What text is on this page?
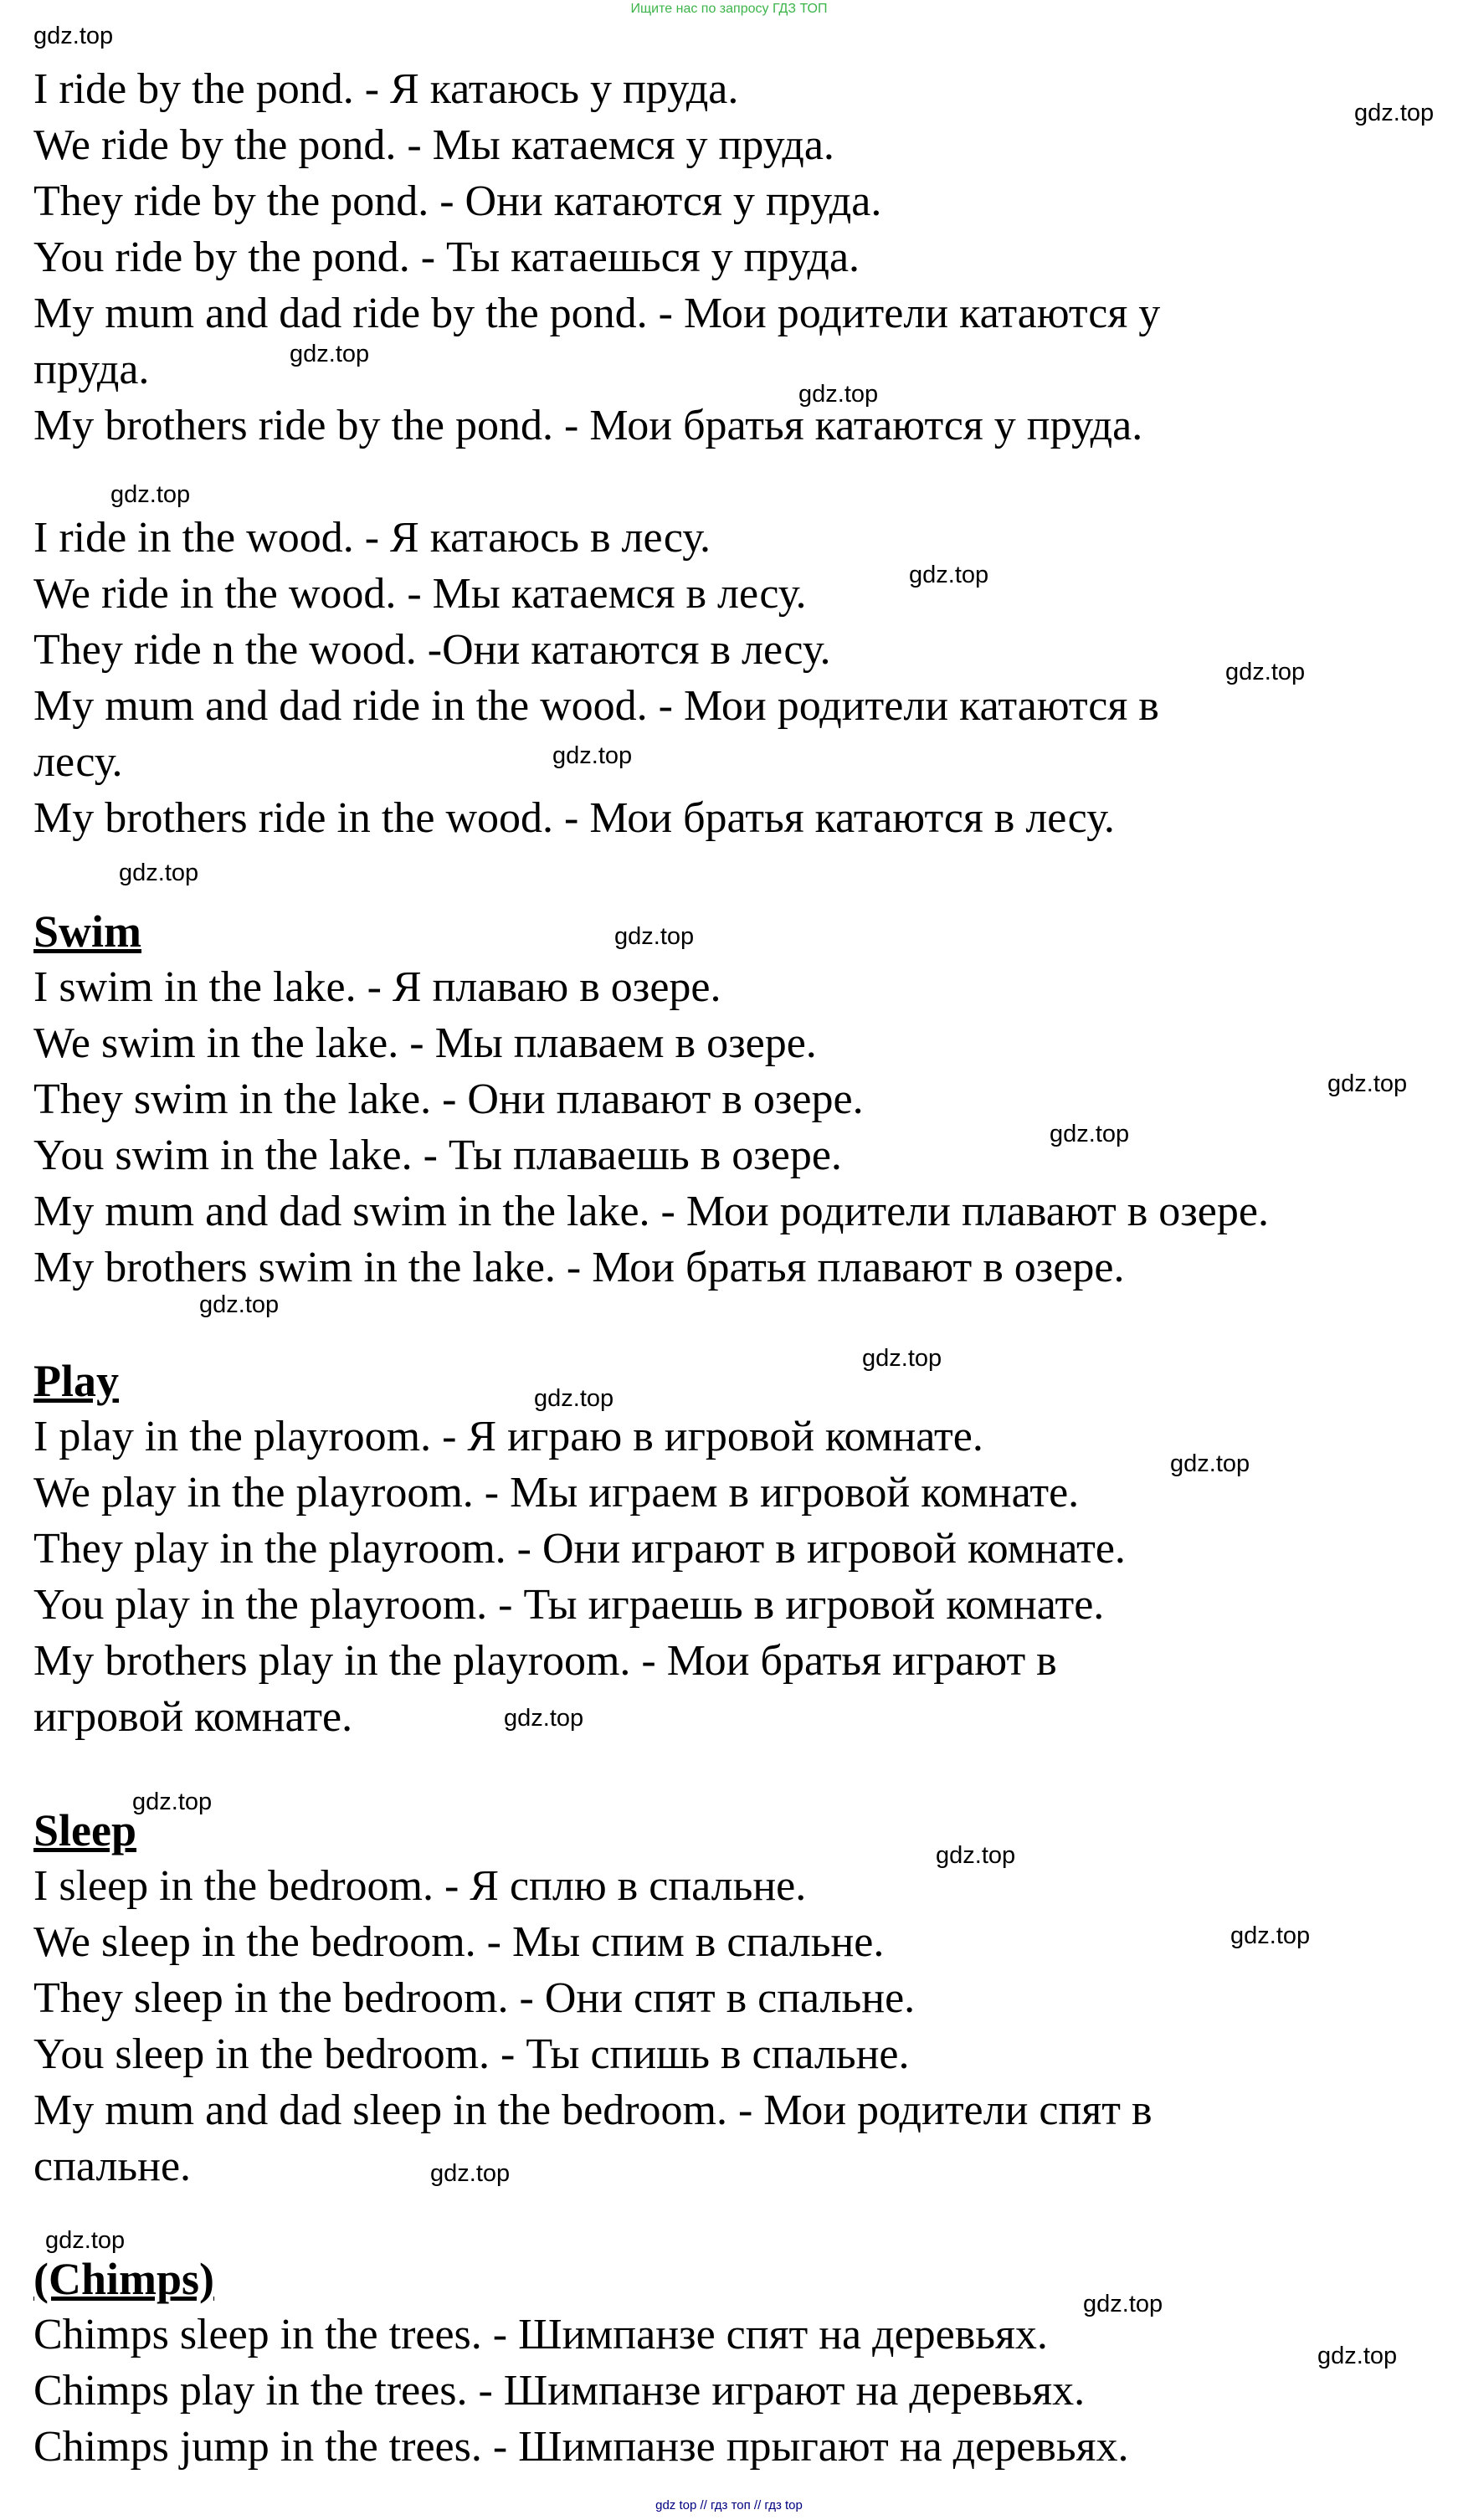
Ищите нас по запросу ГДЗ ТОП
gdz.top
gdz.top
gdz.top
gdz.top
gdz.top
gdz.top
gdz.top
gdz.top
gdz.top
gdz.top
gdz.top
gdz.top
gdz.top
gdz.top
gdz.top
gdz.top
gdz.top
gdz.top
gdz.top
gdz.top
gdz.top
gdz.top
gdz.top
gdz.top
I ride by the pond. - Я катаюсь у пруда.
We ride by the pond. - Мы катаемся у пруда.
They ride by the pond. - Они катаются у пруда.
You ride by the pond. - Ты катаешься у пруда.
My mum and dad ride by the pond. - Мои родители катаются у
пруда.
My brothers ride by the pond. - Мои братья катаются у пруда.
I ride in the wood. - Я катаюсь в лесу.
We ride in the wood. - Мы катаемся в лесу.
They ride n the wood. -Они катаются в лесу.
My mum and dad ride in the wood. - Мои родители катаются в
лесу.
My brothers ride in the wood. - Мои братья катаются в лесу.
Swim
I swim in the lake. - Я плаваю в озере.
We swim in the lake. - Мы плаваем в озере.
They swim in the lake. - Они плавают в озере.
You swim in the lake. - Ты плаваешь в озере.
My mum and dad swim in the lake. - Мои родители плавают в озере.
My brothers swim in the lake. - Мои братья плавают в озере.
Play
I play in the playroom. - Я играю в игровой комнате.
We play in the playroom. - Мы играем в игровой комнате.
They play in the playroom. - Они играют в игровой комнате.
You play in the playroom. - Ты играешь в игровой комнате.
My brothers play in the playroom. - Мои братья играют в
игровой комнате.
Sleep
I sleep in the bedroom. - Я сплю в спальне.
We sleep in the bedroom. - Мы спим в спальне.
They sleep in the bedroom. - Они спят в спальне.
You sleep in the bedroom. - Ты спишь в спальне.
My mum and dad sleep in the bedroom. - Мои родители спят в
спальне.
(Chimps)
Chimps sleep in the trees. - Шимпанзе спят на деревьях.
Chimps play in the trees. - Шимпанзе играют на деревьях.
Chimps jump in the trees. - Шимпанзе прыгают на деревьях.
gdz top // гдз топ // гдз top
